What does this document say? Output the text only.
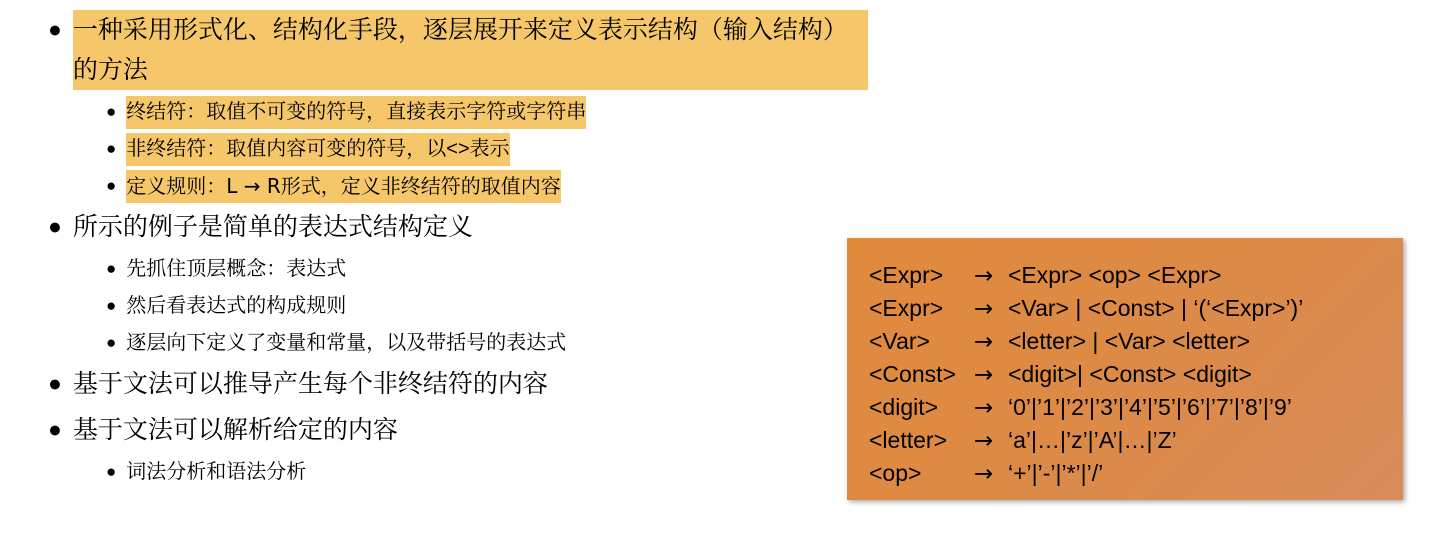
● 一种采用形式化、结构化手段，逐层展开来定义表示结构（输入结构）的方法
● 终结符：取值不可变的符号，直接表示字符或字符串
● 非终结符：取值内容可变的符号，以<>表示
● 定义规则：L → R形式，定义非终结符的取值内容
● 所示的例子是简单的表达式结构定义
● 先抓住顶层概念：表达式
● 然后看表达式的构成规则
● 逐层向下定义了变量和常量，以及带括号的表达式
● 基于文法可以推导产生每个非终结符的内容
● 基于文法可以解析给定的内容
● 词法分析和语法分析
<Expr>	→ <Expr> <op> <Expr>
<Expr>	→ <Var> | <Const> | ‘(‘<Expr>’)’
<Var>	→ <letter> | <Var> <letter>
<Const> → <digit>| <Const> <digit>
<digit>	→ ‘0’|’1’|’2’|’3’|’4’|’5’|’6’|’7’|’8’|’9’
<letter>	→ ‘a’|…|’z’|’A’|…|’Z’
<op>	→ ‘+’|’-’|’*’|’/’
